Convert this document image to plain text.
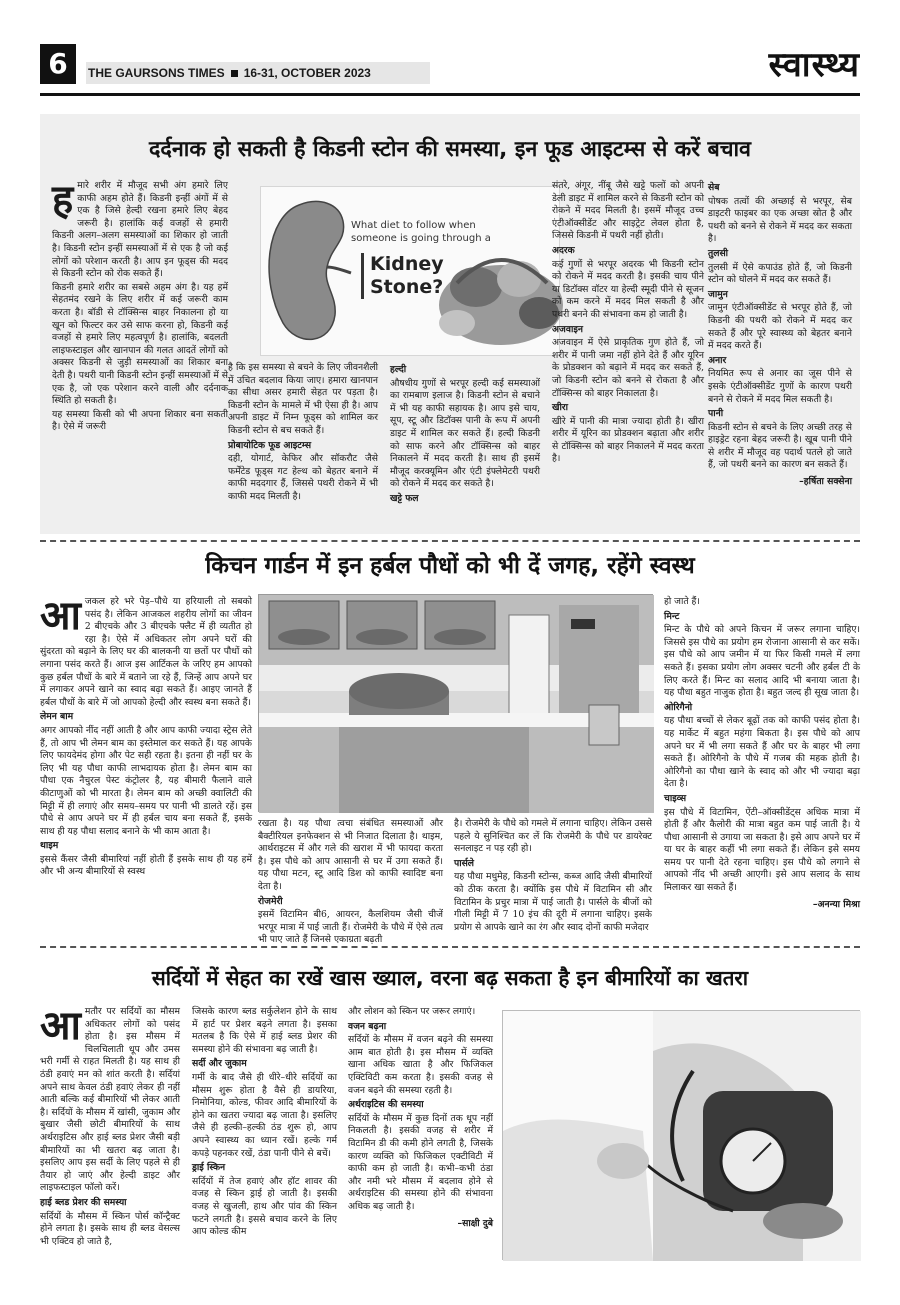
6	THE GAURSONS TIMES 16-31, OCTOBER 2023	स्वास्थ्य
दर्दनाक हो सकती है किडनी स्टोन की समस्या, इन फूड आइटम्स से करें बचाव

हमारे शरीर में मौजूद सभी अंग हमारे लिए काफी अहम होते हैं। किडनी इन्हीं अंगों में से एक है जिसे हेल्दी रखना हमारे लिए बेहद जरूरी है। हालांकि कई वजहों से हमारी किडनी अलग–अलग समस्याओं का शिकार हो जाती है। किडनी स्टोन इन्हीं समस्याओं में से एक है जो कई लोगों को परेशान करती है। आप इन फूड्स की मदद से किडनी स्टोन को रोक सकते हैं।

किडनी हमारे शरीर का सबसे अहम अंग है। यह हमें सेहतमंद रखने के लिए शरीर में कई जरूरी काम करता है। बॉडी से टॉक्सिन्स बाहर निकालना हो या खून को फिल्टर कर उसे साफ करना हो, किडनी कई वजहों से हमारे लिए महत्वपूर्ण है। हालांकि, बदलती लाइफस्टाइल और खानपान की गलत आदतें लोगों को अक्सर किडनी से जुड़ी समस्याओं का शिकार बना देती है। पथरी यानी किडनी स्टोन इन्हीं समस्याओं में से एक है, जो एक परेशान करने वाली और दर्दनाक स्थिति हो सकती है।

यह समस्या किसी को भी अपना शिकार बना सकती है। ऐसे में जरूरी

What diet to follow when
someone is going through a
Kidney
Stone?

है कि इस समस्या से बचने के लिए जीवनशैली में उचित बदलाव किया जाए। हमारा खानपान का सीधा असर हमारी सेहत पर पड़ता है। किडनी स्टोन के मामले में भी ऐसा ही है। आप अपनी डाइट में निम्न फूड्स को शामिल कर किडनी स्टोन से बच सकते हैं।

प्रोबायोटिक फूड आइटम्स

दही, योगार्ट, केफिर और सॉकरौट जैसे फर्मेंटेड फूड्स गट हेल्थ को बेहतर बनाने में काफी मददगार हैं, जिससे पथरी रोकने में भी काफी मदद मिलती है।

हल्दी

औषधीय गुणों से भरपूर हल्दी कई समस्याओं का रामबाण इलाज है। किडनी स्टोन से बचाने में भी यह काफी सहायक है। आप इसे चाय, सूप, स्टू और डिटॉक्स पानी के रूप में अपनी डाइट में शामिल कर सकते हैं। हल्दी किडनी को साफ करने और टॉक्सिन्स को बाहर निकालने में मदद करती है। साथ ही इसमें मौजूद करक्यूमिन और एंटी इंफ्लेमेटरी पथरी को रोकने में मदद कर सकते है।

खट्टे फल

संतरे, अंगूर, नींबू जैसे खट्टे फलों को अपनी डेली डाइट में शामिल करने से किडनी स्टोन को रोकने में मदद मिलती है। इसमें मौजूद उच्च एंटीऑक्सीडेंट और साइट्रेट लेवल होता है, जिससे किडनी में पथरी नहीं होती।

अदरक

कई गुणों से भरपूर अदरक भी किडनी स्टोन को रोकने में मदद करती है। इसकी चाय पीने या डिटॉक्स वॉटर या हेल्दी स्मूदी पीने से सूजन को कम करने में मदद मिल सकती है और पथरी बनने की संभावना कम हो जाती है।

अजवाइन

अजवाइन में ऐसे प्राकृतिक गुण होते हैं, जो शरीर में पानी जमा नहीं होने देते हैं और यूरिन के प्रोडक्शन को बढ़ाने में मदद कर सकते हैं, जो किडनी स्टोन को बनने से रोकता है और टॉक्सिन्स को बाहर निकालता है।

खीरा

खीरे में पानी की मात्रा ज्यादा होती है। खीरा शरीर में यूरिन का प्रोडक्शन बढ़ाता और शरीर से टॉक्सिन्स को बाहर निकालने में मदद करता है।

सेब

पोषक तत्वों की अच्छाई से भरपूर, सेब डाइटरी फाइबर का एक अच्छा स्रोत है और पथरी को बनने से रोकने में मदद कर सकता है।

तुलसी

तुलसी में ऐसे कपाउंड होते हैं, जो किडनी स्टोन को घोलने में मदद कर सकते हैं।

जामुन

जामुन एंटीऑक्सीडेंट से भरपूर होते हैं, जो किडनी की पथरी को रोकने में मदद कर सकते हैं और पूरे स्वास्थ्य को बेहतर बनाने में मदद करते हैं।

अनार

नियमित रूप से अनार का जूस पीने से इसके एंटीऑक्सीडेंट गुणों के कारण पथरी बनने से रोकने में मदद मिल सकती है।

पानी

किडनी स्टोन से बचने के लिए अच्छी तरह से हाइड्रेट रहना बेहद जरूरी है। खूब पानी पीने से शरीर में मौजूद वह पदार्थ पतले हो जाते हैं, जो पथरी बनने का कारण बन सकते हैं।

–हर्षिता सक्सेना

किचन गार्डन में इन हर्बल पौधों को भी दें जगह, रहेंगे स्वस्थ

आजकल हरे भरे पेड़–पौधे या हरियाली तो सबको पसंद है। लेकिन आजकल शहरीय लोगों का जीवन 2 बीएचके और 3 बीएचके फ्लैट में ही व्यतीत हो रहा है। ऐसे में अधिकतर लोग अपने घरों की सुंदरता को बढ़ाने के लिए घर की बालकनी या छतों पर पौधों को लगाना पसंद करते हैं। आज इस आर्टिकल के जरिए हम आपको कुछ हर्बल पौधों के बारे में बताने जा रहे हैं, जिन्हें आप अपने घर में लगाकर अपने खाने का स्वाद बढ़ा सकते हैं। आइए जानते हैं हर्बल पौधों के बारे में जो आपको हेल्दी और स्वस्थ बना सकते हैं।

लेमन बाम

अगर आपको नींद नहीं आती है और आप काफी ज्यादा स्ट्रेस लेते हैं, तो आप भी लेमन बाम का इस्तेमाल कर सकते हैं। यह आपके लिए फायदेमंद होगा और पेट सही रहता है। इतना ही नहीं घर के लिए भी यह पौधा काफी लाभदायक होता है। लेमन बाम का पौधा एक नैचुरल पेस्ट कंट्रोलर है, यह बीमारी फैलाने वाले कीटाणुओं को भी मारता है। लेमन बाम को अच्छी क्वालिटी की मिट्टी में ही लगाएं और समय–समय पर पानी भी डालते रहें। इस पौधे से आप अपने घर में ही हर्बल चाय बना सकते हैं, इसके साथ ही यह पौधा सलाद बनाने के भी काम आता है।

थाइम

इससे कैंसर जैसी बीमारियां नहीं होती हैं इसके साथ ही यह हमें और भी अन्य बीमारियों से स्वस्थ

रखता है। यह पौधा त्वचा संबंधित समस्याओं और बैक्टीरियल इनफेक्शन से भी निजात दिलाता है। थाइम, आर्थराइटस में और गले की खराश में भी फायदा करता है। इस पौधे को आप आसानी से घर में उगा सकते हैं। यह पौधा मटन, स्टू आदि डिश को काफी स्वादिष्ट बना देता है।

रोजमेरी

इसमें विटामिन बी6, आयरन, कैलशियम जैसी चीजें भरपूर मात्रा में पाई जाती हैं। रोजमेरी के पौधे में ऐसे तत्व भी पाए जाते हैं जिनसे एकाग्रता बढ़ती

है। रोजमेरी के पौधे को गमले में लगाना चाहिए। लेकिन उससे पहले ये सुनिश्चित कर लें कि रोजमेरी के पौधे पर डायरेक्ट सनलाइट न पड़ रही हो।

पार्सले

यह पौधा मधुमेह, किडनी स्टोन्स, कब्ज आदि जैसी बीमारियों को ठीक करता है। क्योंकि इस पौधे में विटामिन सी और विटामिन के प्रचुर मात्रा में पाई जाती है। पार्सले के बीजों को गीली मिट्टी में 7 10 इंच की दूरी में लगाना चाहिए। इसके प्रयोग से आपके खाने का रंग और स्वाद दोनों काफी मजेदार

हो जाते हैं।

मिन्ट

मिन्ट के पौधे को अपने किचन में जरूर लगाना चाहिए। जिससे इस पौधे का प्रयोग हम रोजाना आसानी से कर सकें। इस पौधे को आप जमीन में या फिर किसी गमले में लगा सकते हैं। इसका प्रयोग लोग अक्सर चटनी और हर्बल टी के लिए करते हैं। मिन्ट का सलाद आदि भी बनाया जाता है। यह पौधा बहुत नाजुक होता है। बहुत जल्द ही सूख जाता है।

ओरिगैनो

यह पौधा बच्चों से लेकर बूढ़ों तक को काफी पसंद होता है। यह मार्केट में बहुत महंगा बिकता है। इस पौधे को आप अपने घर में भी लगा सकते हैं और घर के बाहर भी लगा सकते हैं। ओरिगैनो के पौधे में गजब की महक होती है। ओरिगैनो का पौधा खाने के स्वाद को और भी ज्यादा बढ़ा देता है।

चाइव्स

इस पौधे में विटामिन, ऐंटी–ऑक्सीडेंट्स अधिक मात्रा में होती हैं और कैलोरी की मात्रा बहुत कम पाई जाती है। ये पौधा आसानी से उगाया जा सकता है। इसे आप अपने घर में या घर के बाहर कहीं भी लगा सकते हैं। लेकिन इसे समय समय पर पानी देते रहना चाहिए। इस पौधे को लगाने से आपको नींद भी अच्छी आएगी। इसे आप सलाद के साथ मिलाकर खा सकते हैं।

–अनन्या मिश्रा

सर्दियों में सेहत का रखें खास ख्याल, वरना बढ़ सकता है इन बीमारियों का खतरा

आमतौर पर सर्दियों का मौसम अधिकतर लोगों को पसंद होता है। इस मौसम में चिलचिलाती धूप और उमस भरी गर्मी से राहत मिलती है। यह साथ ही ठंडी हवाएं मन को शांत करती है। सर्दियां अपने साथ केवल ठंडी हवाएं लेकर ही नहीं आती बल्कि कई बीमारियों भी लेकर आती है। सर्दियों के मौसम में खांसी, जुकाम और बुखार जैसी छोटी बीमारियों के साथ अर्थराइटिस और हाई ब्लड प्रेशर जैसी बड़ी बीमारियों का भी खतरा बढ़ जाता है। इसलिए आप इस सर्दी के लिए पहले से ही तैयार हो जाएं और हेल्दी डाइट और लाइफस्टाइल फॉलो करें।

हाई ब्लड प्रेशर की समस्या

सर्दियों के मौसम में स्किन पोर्स कॉन्ट्रैक्ट होने लगता है। इसके साथ ही ब्लड वेसल्स भी एक्टिव हो जाते है,

जिसके कारण ब्लड सर्कुलेशन होने के साथ में हार्ट पर प्रेशर बढ़ने लगता है। इसका मतलब है कि ऐसे में हाई ब्लड प्रेशर की समस्या होने की संभावना बढ़ जाती है।

सर्दी और जुकाम

गर्मी के बाद जैसे ही धीरे–धीरे सर्दियों का मौसम शुरू होता है वैसे ही डायरिया, निमोनिया, कोल्ड, फीवर आदि बीमारियों के होने का खतरा ज्यादा बढ़ जाता है। इसलिए जैसे ही हल्की–हल्की ठंड शुरू हो, आप अपने स्वास्थ्य का ध्यान रखें। हल्के गर्म कपड़े पहनकर रखें, ठंडा पानी पीने से बचें।

ड्राई स्किन

सर्दियों में तेज हवाएं और हॉट शावर की वजह से स्किन ड्राई हो जाती है। इसकी वजह से खुजली, हाथ और पांव की स्किन फटने लगती है। इससे बचाव करने के लिए आप कोल्ड कीम

और लोशन को स्किन पर जरूर लगाएं।

वजन बढ़ना

सर्दियों के मौसम में वजन बढ़ने की समस्या आम बात होती है। इस मौसम में व्यक्ति खाना अधिक खाता है और फिजिकल एक्टिविटी कम करता है। इसकी वजह से वजन बढ़ने की समस्या रहती है।

अर्थराइटिस की समस्या

सर्दियों के मौसम में कुछ दिनों तक धूप नहीं निकलती है। इसकी वजह से शरीर में विटामिन डी की कमी होने लगती है, जिसके कारण व्यक्ति को फिजिकल एक्टीविटी में काफी कम हो जाती है। कभी–कभी ठंडा और नमी भरे मौसम में बदलाव होने से अर्थराइटिस की समस्या होने की संभावना अधिक बढ़ जाती है।

–साक्षी दुबे
